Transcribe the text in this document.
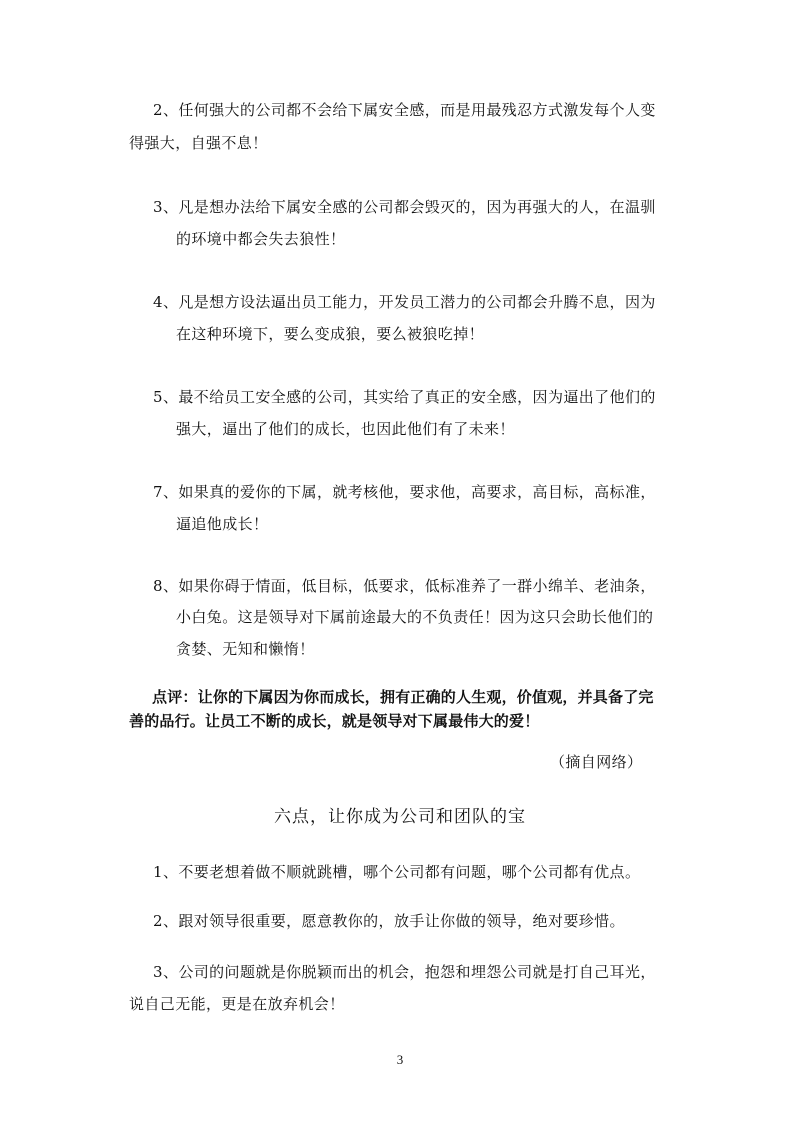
2、任何强大的公司都不会给下属安全感，而是用最残忍方式激发每个人变
得强大，自强不息！
3、凡是想办法给下属安全感的公司都会毁灭的，因为再强大的人，在温驯
的环境中都会失去狼性！
4、凡是想方设法逼出员工能力，开发员工潜力的公司都会升腾不息，因为
在这种环境下，要么变成狼，要么被狼吃掉！
5、最不给员工安全感的公司，其实给了真正的安全感，因为逼出了他们的
强大，逼出了他们的成长，也因此他们有了未来！
7、如果真的爱你的下属，就考核他，要求他，高要求，高目标，高标准，
逼追他成长！
8、如果你碍于情面，低目标，低要求，低标准养了一群小绵羊、老油条，
小白兔。这是领导对下属前途最大的不负责任！因为这只会助长他们的
贪婪、无知和懒惰！
点评：让你的下属因为你而成长，拥有正确的人生观，价值观，并具备了完
善的品行。让员工不断的成长，就是领导对下属最伟大的爱！
（摘自网络）
六点，让你成为公司和团队的宝
1、不要老想着做不顺就跳槽，哪个公司都有问题，哪个公司都有优点。
2、跟对领导很重要，愿意教你的，放手让你做的领导，绝对要珍惜。
3、公司的问题就是你脱颖而出的机会，抱怨和埋怨公司就是打自己耳光，
说自己无能，更是在放弃机会！
3
